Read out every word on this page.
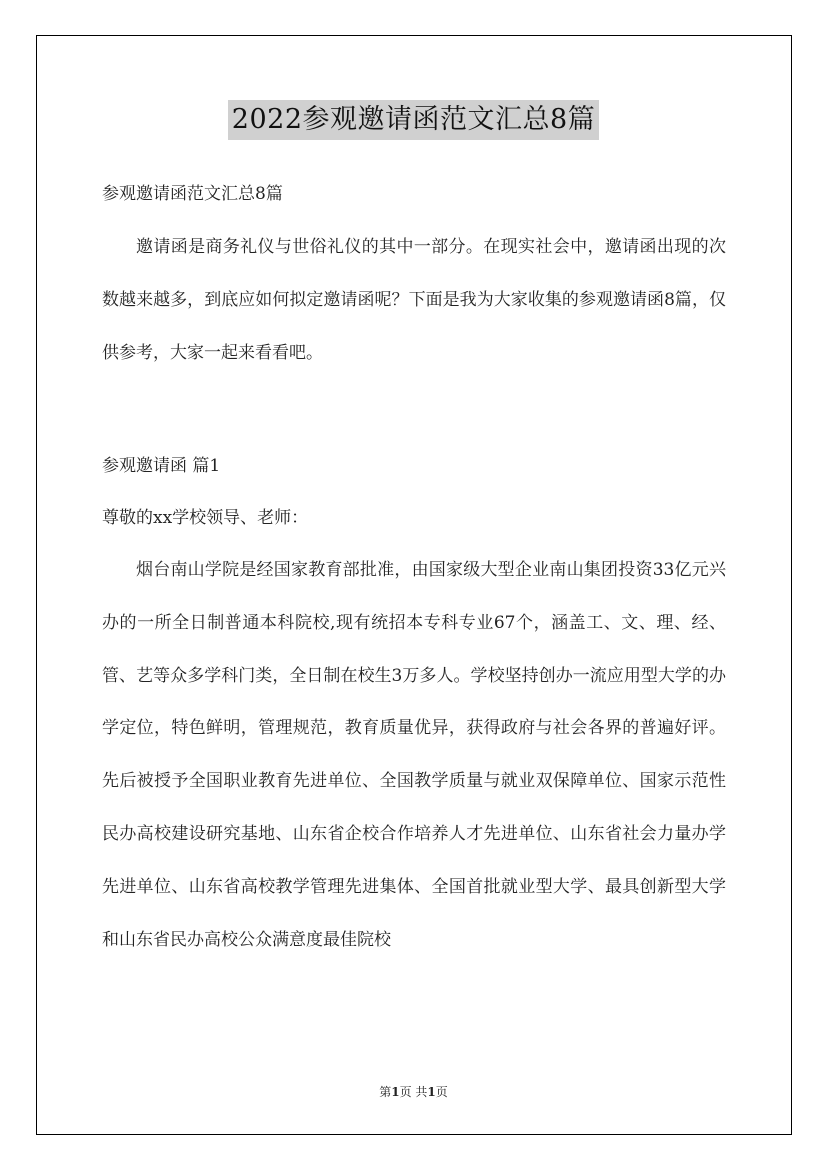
2022参观邀请函范文汇总8篇

参观邀请函范文汇总8篇

邀请函是商务礼仪与世俗礼仪的其中一部分。在现实社会中，邀请函出现的次数越来越多，到底应如何拟定邀请函呢？下面是我为大家收集的参观邀请函8篇，仅供参考，大家一起来看看吧。

参观邀请函 篇1

尊敬的xx学校领导、老师：

烟台南山学院是经国家教育部批准，由国家级大型企业南山集团投资33亿元兴办的一所全日制普通本科院校,现有统招本专科专业67个，涵盖工、文、理、经、管、艺等众多学科门类，全日制在校生3万多人。学校坚持创办一流应用型大学的办学定位，特色鲜明，管理规范，教育质量优异，获得政府与社会各界的普遍好评。先后被授予全国职业教育先进单位、全国教学质量与就业双保障单位、国家示范性民办高校建设研究基地、山东省企校合作培养人才先进单位、山东省社会力量办学先进单位、山东省高校教学管理先进集体、全国首批就业型大学、最具创新型大学和山东省民办高校公众满意度最佳院校

第1页 共1页
